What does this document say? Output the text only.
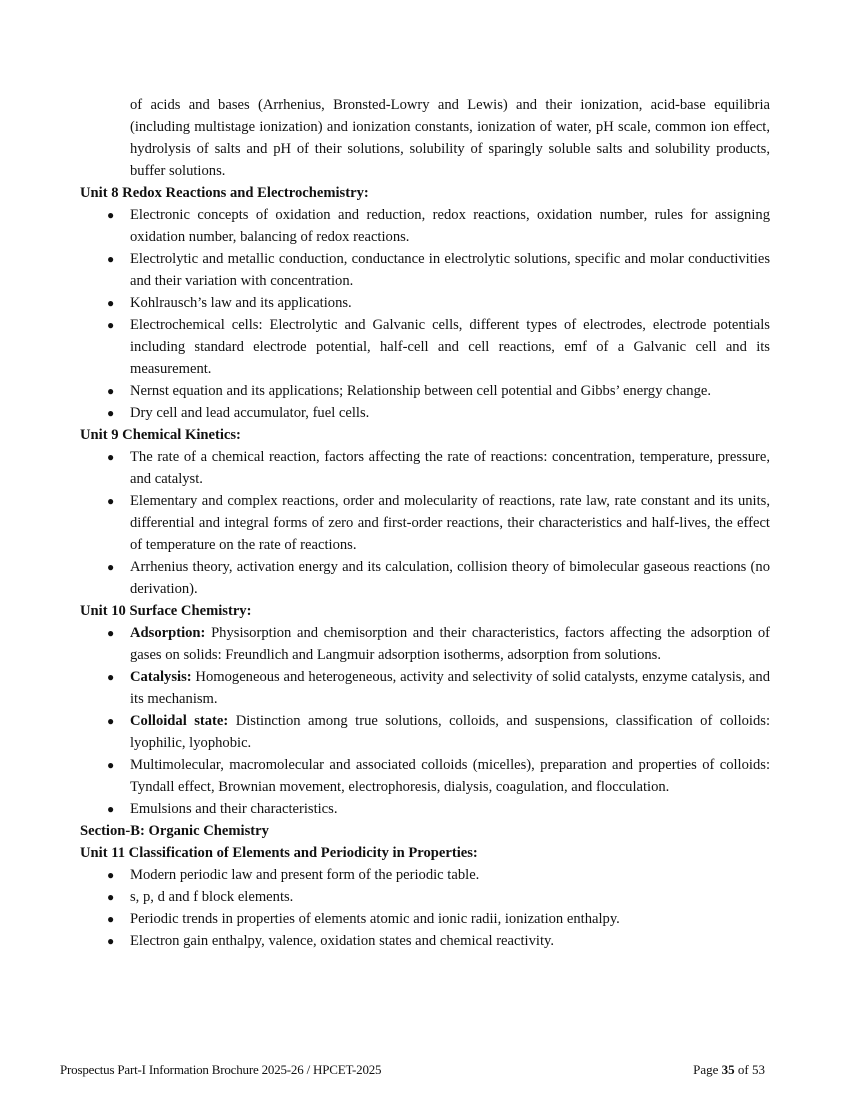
of acids and bases (Arrhenius, Bronsted-Lowry and Lewis) and their ionization, acid-base equilibria (including multistage ionization) and ionization constants, ionization of water, pH scale, common ion effect, hydrolysis of salts and pH of their solutions, solubility of sparingly soluble salts and solubility products, buffer solutions.

Unit 8 Redox Reactions and Electrochemistry:

● Electronic concepts of oxidation and reduction, redox reactions, oxidation number, rules for assigning oxidation number, balancing of redox reactions.
● Electrolytic and metallic conduction, conductance in electrolytic solutions, specific and molar conductivities and their variation with concentration.
● Kohlrausch’s law and its applications.
● Electrochemical cells: Electrolytic and Galvanic cells, different types of electrodes, electrode potentials including standard electrode potential, half-cell and cell reactions, emf of a Galvanic cell and its measurement.
● Nernst equation and its applications; Relationship between cell potential and Gibbs’ energy change.
● Dry cell and lead accumulator, fuel cells.

Unit 9 Chemical Kinetics:

● The rate of a chemical reaction, factors affecting the rate of reactions: concentration, temperature, pressure, and catalyst.
● Elementary and complex reactions, order and molecularity of reactions, rate law, rate constant and its units, differential and integral forms of zero and first-order reactions, their characteristics and half-lives, the effect of temperature on the rate of reactions.
● Arrhenius theory, activation energy and its calculation, collision theory of bimolecular gaseous reactions (no derivation).

Unit 10 Surface Chemistry:

● Adsorption: Physisorption and chemisorption and their characteristics, factors affecting the adsorption of gases on solids: Freundlich and Langmuir adsorption isotherms, adsorption from solutions.
● Catalysis: Homogeneous and heterogeneous, activity and selectivity of solid catalysts, enzyme catalysis, and its mechanism.
● Colloidal state: Distinction among true solutions, colloids, and suspensions, classification of colloids: lyophilic, lyophobic.
● Multimolecular, macromolecular and associated colloids (micelles), preparation and properties of colloids: Tyndall effect, Brownian movement, electrophoresis, dialysis, coagulation, and flocculation.
● Emulsions and their characteristics.

Section-B: Organic Chemistry

Unit 11 Classification of Elements and Periodicity in Properties:

● Modern periodic law and present form of the periodic table.
● s, p, d and f block elements.
● Periodic trends in properties of elements atomic and ionic radii, ionization enthalpy.
● Electron gain enthalpy, valence, oxidation states and chemical reactivity.
Prospectus Part-I Information Brochure 2025-26 / HPCET-2025	Page 35 of 53
